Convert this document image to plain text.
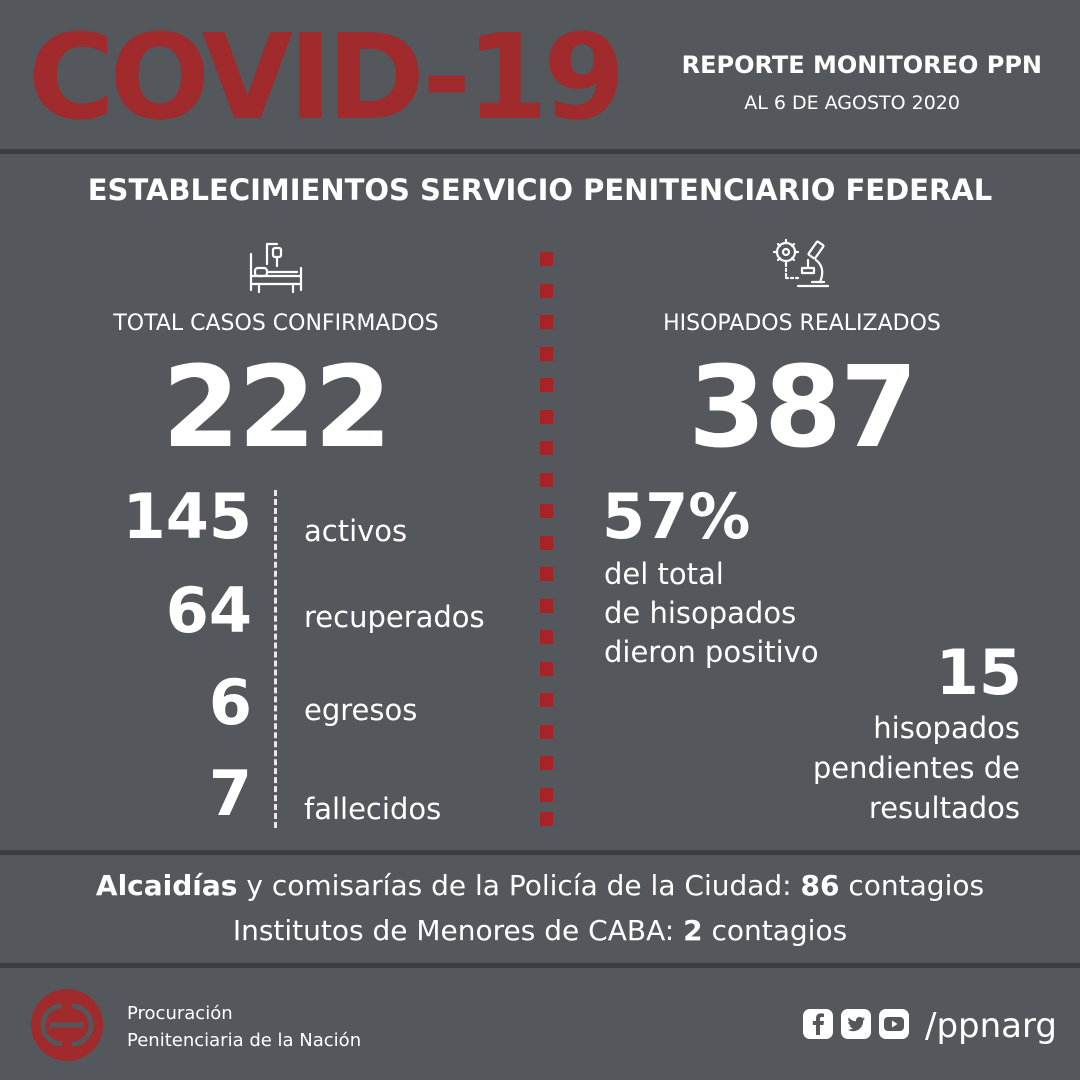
COVID-19	REPORTE MONITOREO PPN
AL 6 DE AGOSTO 2020
ESTABLECIMIENTOS SERVICIO PENITENCIARIO FEDERAL
TOTAL CASOS CONFIRMADOS
222
145 activos
64 recuperados
6 egresos
7 fallecidos
HISOPADOS REALIZADOS
387
57%
del total
de hisopados
dieron positivo 15
hisopados
pendientes de
resultados
Alcaidías y comisarías de la Policía de la Ciudad: 86 contagios
Institutos de Menores de CABA: 2 contagios
Procuración
Penitenciaria de la Nación	/ppnarg
